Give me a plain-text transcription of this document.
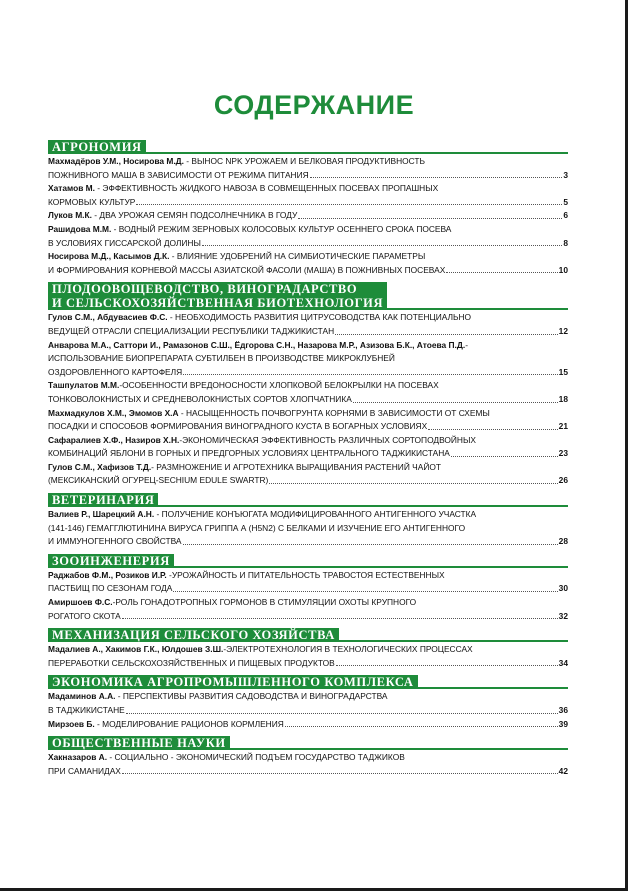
СОДЕРЖАНИЕ
АГРОНОМИЯ
Махмадёров У.М., Носирова М.Д. - ВЫНОС NPK УРОЖАЕМ И БЕЛКОВАЯ ПРОДУКТИВНОСТЬ
ПОЖНИВНОГО МАША В ЗАВИСИМОСТИ ОТ РЕЖИМА ПИТАНИЯ	3
Хатамов М. - ЭФФЕКТИВНОСТЬ ЖИДКОГО НАВОЗА В СОВМЕЩЕННЫХ ПОСЕВАХ ПРОПАШНЫХ
КОРМОВЫХ КУЛЬТУР	5
Луков М.К. - ДВА УРОЖАЯ СЕМЯН ПОДСОЛНЕЧНИКА В ГОДУ	6
Рашидова М.М. - ВОДНЫЙ РЕЖИМ ЗЕРНОВЫХ КОЛОСОВЫХ КУЛЬТУР ОСЕННЕГО СРОКА ПОСЕВА
В УСЛОВИЯХ ГИССАРСКОЙ ДОЛИНЫ	8
Носирова М.Д., Касымов Д.К. - ВЛИЯНИЕ УДОБРЕНИЙ НА СИМБИОТИЧЕСКИЕ ПАРАМЕТРЫ
И ФОРМИРОВАНИЯ КОРНЕВОЙ МАССЫ АЗИАТСКОЙ ФАСОЛИ (МАША) В ПОЖНИВНЫХ ПОСЕВАХ	10
ПЛОДООВОЩЕВОДСТВО, ВИНОГРАДАРСТВО
И СЕЛЬСКОХОЗЯЙСТВЕННАЯ БИОТЕХНОЛОГИЯ
Гулов С.М., Абдувасиев Ф.С. - НЕОБХОДИМОСТЬ РАЗВИТИЯ ЦИТРУСОВОДСТВА КАК ПОТЕНЦИАЛЬНО
ВЕДУЩЕЙ ОТРАСЛИ СПЕЦИАЛИЗАЦИИ РЕСПУБЛИКИ ТАДЖИКИСТАН	12
Анварова М.А., Саттори И., Рамазонов С.Ш., Ёдгорова С.Н., Назарова М.Р., Азизова Б.К., Атоева П.Д.-
ИСПОЛЬЗОВАНИЕ БИОПРЕПАРАТА СУБТИЛБЕН В ПРОИЗВОДСТВЕ МИКРОКЛУБНЕЙ
ОЗДОРОВЛЕННОГО КАРТОФЕЛЯ	15
Ташпулатов М.М.-ОСОБЕННОСТИ ВРЕДОНОСНОСТИ ХЛОПКОВОЙ БЕЛОКРЫЛКИ НА ПОСЕВАХ
ТОНКОВОЛОКНИСТЫХ И СРЕДНЕВОЛОКНИСТЫХ СОРТОВ ХЛОПЧАТНИКА	18
Махмадкулов Х.М., Эмомов Х.А - НАСЫЩЕННОСТЬ ПОЧВОГРУНТА КОРНЯМИ В ЗАВИСИМОСТИ ОТ СХЕМЫ
ПОСАДКИ И СПОСОБОВ ФОРМИРОВАНИЯ ВИНОГРАДНОГО КУСТА В БОГАРНЫХ УСЛОВИЯХ	21
Сафаралиев Х.Ф., Назиров Х.Н.-ЭКОНОМИЧЕСКАЯ ЭФФЕКТИВНОСТЬ РАЗЛИЧНЫХ СОРТОПОДВОЙНЫХ
КОМБИНАЦИЙ ЯБЛОНИ В ГОРНЫХ И ПРЕДГОРНЫХ УСЛОВИЯХ ЦЕНТРАЛЬНОГО ТАДЖИКИСТАНА	23
Гулов С.М., Хафизов Т.Д.- РАЗМНОЖЕНИЕ И АГРОТЕХНИКА ВЫРАЩИВАНИЯ РАСТЕНИЙ ЧАЙОТ
(МЕКСИКАНСКИЙ ОГУРЕЦ-SECHIUM EDULE SWARTR)	26
ВЕТЕРИНАРИЯ
Валиев Р., Шарецкий А.Н. - ПОЛУЧЕНИЕ КОНЪЮГАТА МОДИФИЦИРОВАННОГО АНТИГЕННОГО УЧАСТКА
(141-146) ГЕМАГГЛЮТИНИНА ВИРУСА ГРИППА А (H5N2) С БЕЛКАМИ И ИЗУЧЕНИЕ ЕГО АНТИГЕННОГО
И ИММУНОГЕННОГО СВОЙСТВА	28
ЗООИНЖЕНЕРИЯ
Раджабов Ф.М., Розиков И.Р. -УРОЖАЙНОСТЬ И ПИТАТЕЛЬНОСТЬ ТРАВОСТОЯ ЕСТЕСТВЕННЫХ
ПАСТБИЩ ПО СЕЗОНАМ ГОДА	30
Амиршоев Ф.С.-РОЛЬ ГОНАДОТРОПНЫХ ГОРМОНОВ В СТИМУЛЯЦИИ ОХОТЫ КРУПНОГО
РОГАТОГО СКОТА	32
МЕХАНИЗАЦИЯ СЕЛЬСКОГО ХОЗЯЙСТВА
Мадалиев А., Хакимов Г.К., Юлдошев З.Ш.-ЭЛЕКТРОТЕХНОЛОГИЯ В ТЕХНОЛОГИЧЕСКИХ ПРОЦЕССАХ
ПЕРЕРАБОТКИ СЕЛЬСКОХОЗЯЙСТВЕННЫХ И ПИЩЕВЫХ ПРОДУКТОВ	34
ЭКОНОМИКА АГРОПРОМЫШЛЕННОГО КОМПЛЕКСА
Мадаминов А.А. - ПЕРСПЕКТИВЫ РАЗВИТИЯ САДОВОДСТВА И ВИНОГРАДАРСТВА
В ТАДЖИКИСТАНЕ	36
Мирзоев Б. - МОДЕЛИРОВАНИЕ РАЦИОНОВ КОРМЛЕНИЯ	39
ОБЩЕСТВЕННЫЕ НАУКИ
Хакназаров А. - СОЦИАЛЬНО - ЭКОНОМИЧЕСКИЙ ПОДЪЕМ ГОСУДАРСТВО ТАДЖИКОВ
ПРИ САМАНИДАХ	42
